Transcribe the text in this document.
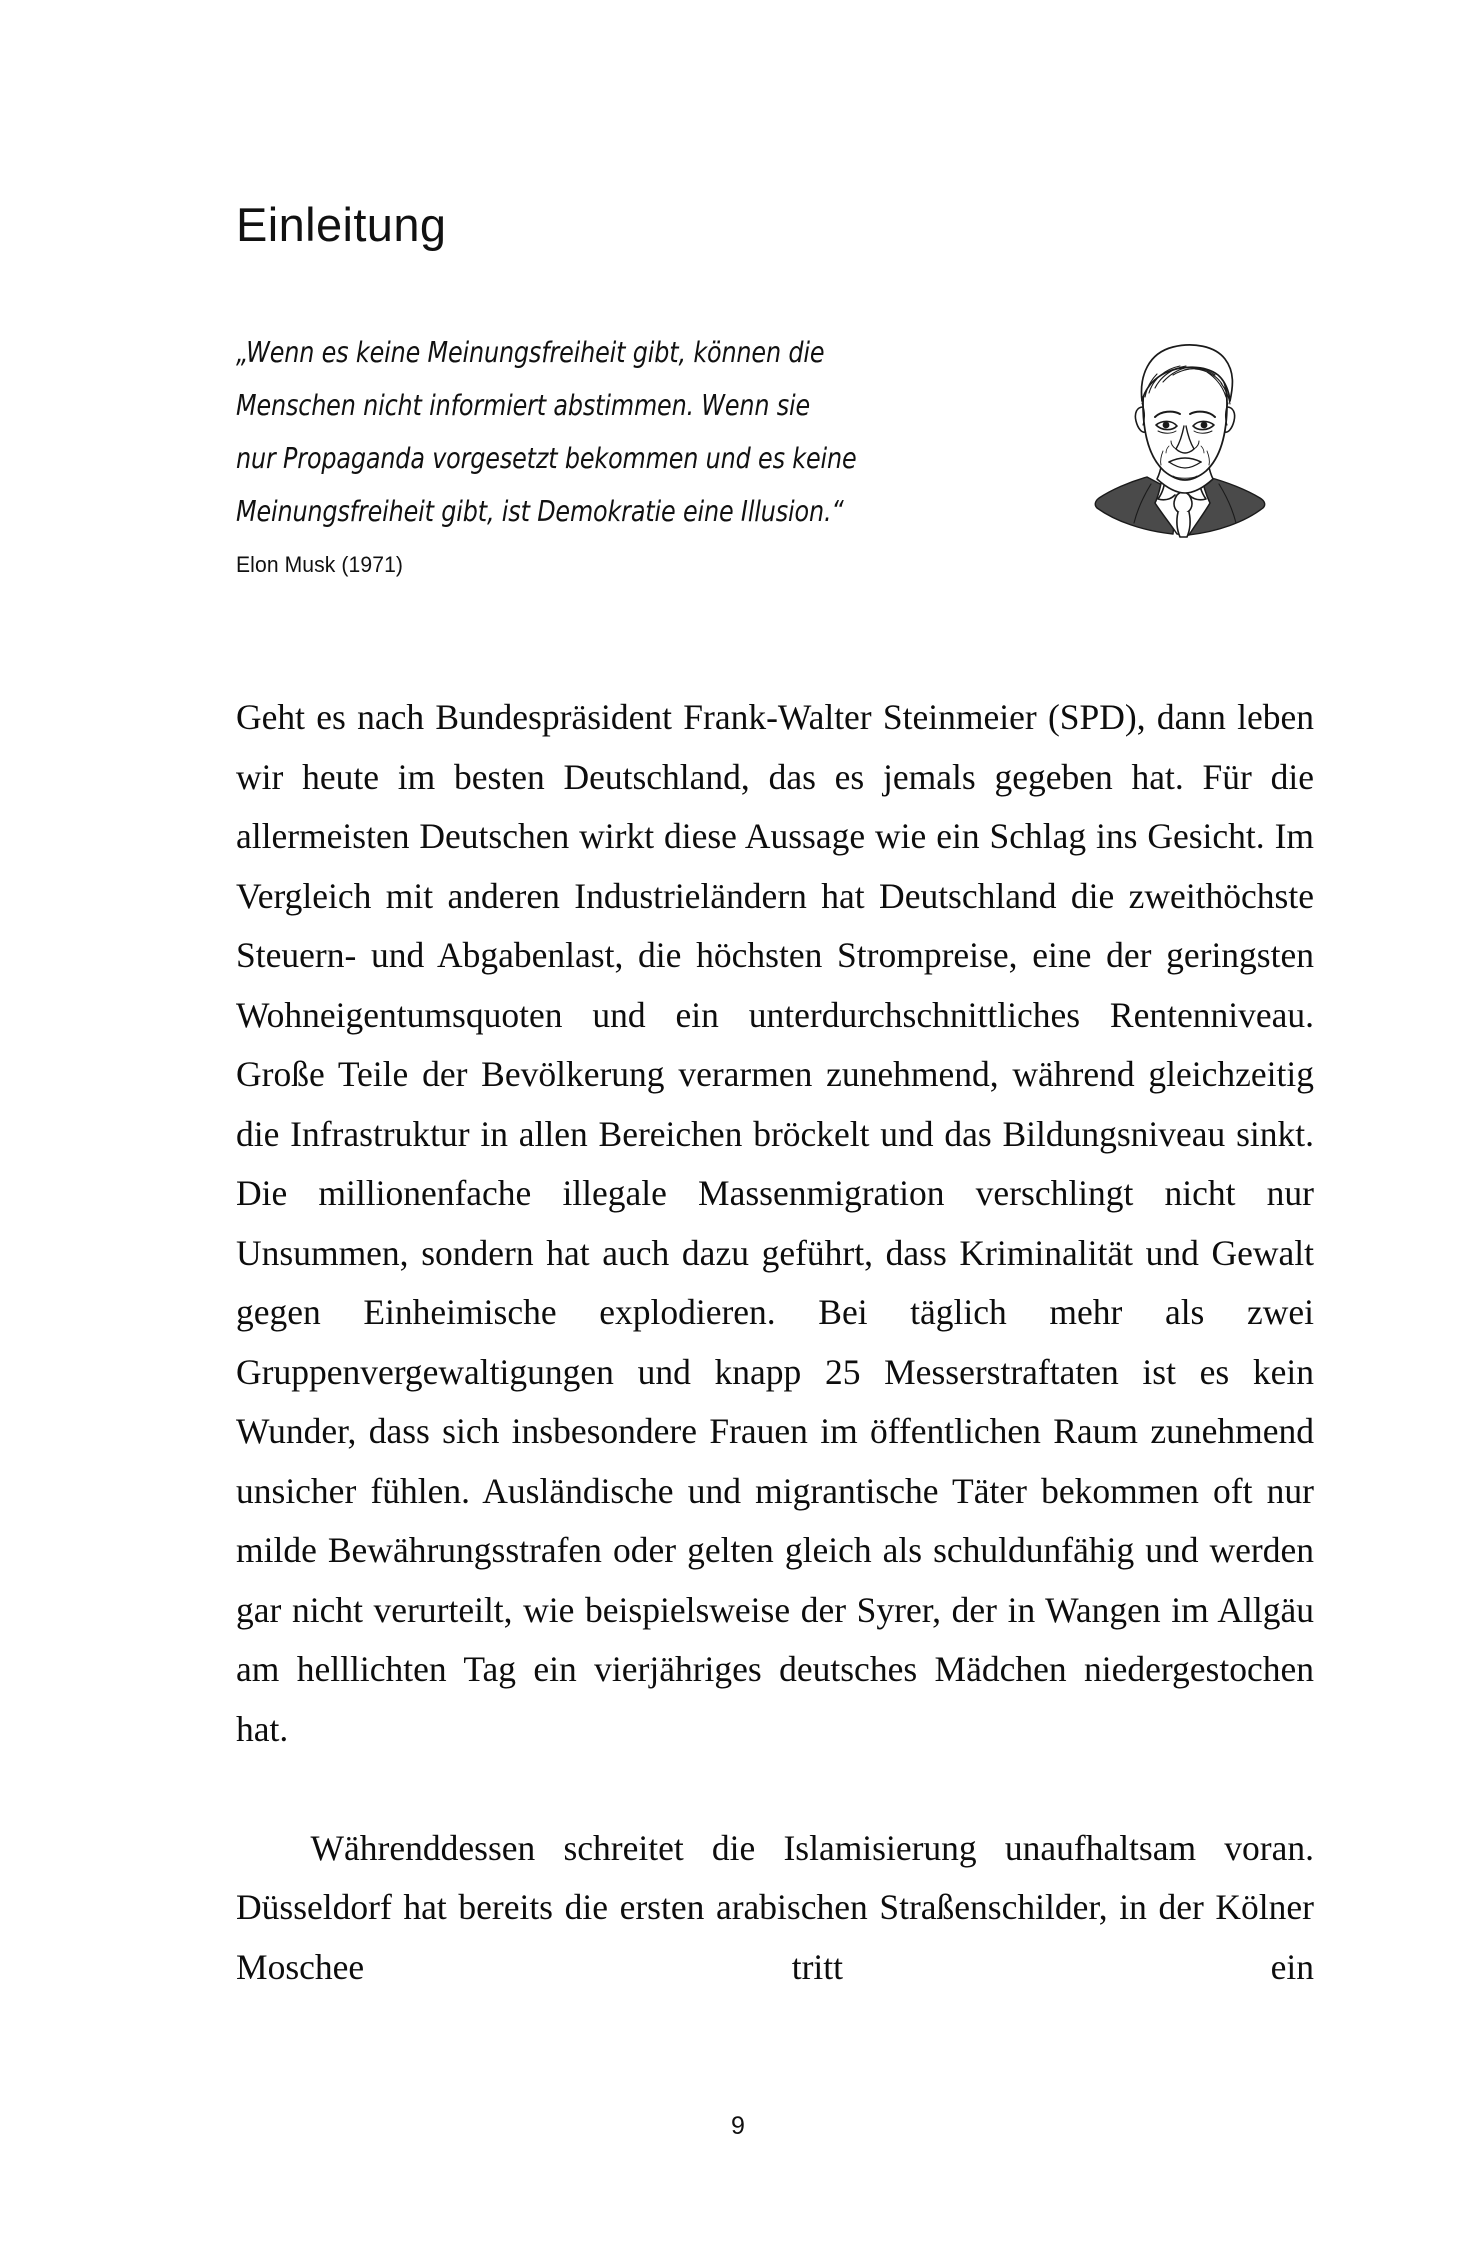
Einleitung
„Wenn es keine Meinungsfreiheit gibt, können die
Menschen nicht informiert abstimmen. Wenn sie
nur Propaganda vorgesetzt bekommen und es keine
Meinungsfreiheit gibt, ist Demokratie eine Illusion.“
Elon Musk (1971)

Geht es nach Bundespräsident Frank-Walter Steinmeier (SPD), dann leben wir heute im besten Deutschland, das es jemals gegeben hat. Für die allermeisten Deutschen wirkt diese Aussage wie ein Schlag ins Gesicht. Im Vergleich mit anderen Industrieländern hat Deutschland die zweithöchste Steuern- und Abgabenlast, die höchsten Strompreise, eine der geringsten Wohneigentumsquoten und ein unterdurchschnittliches Rentenniveau. Große Teile der Bevölkerung verarmen zunehmend, während gleichzeitig die Infrastruktur in allen Bereichen bröckelt und das Bildungsniveau sinkt. Die millionenfache illegale Massenmigration verschlingt nicht nur Unsummen, sondern hat auch dazu geführt, dass Kriminalität und Gewalt gegen Einheimische explodieren. Bei täglich mehr als zwei Gruppenvergewaltigungen und knapp 25 Messerstraftaten ist es kein Wunder, dass sich insbesondere Frauen im öffentlichen Raum zunehmend unsicher fühlen. Ausländische und migrantische Täter bekommen oft nur milde Bewährungsstrafen oder gelten gleich als schuldunfähig und werden gar nicht verurteilt, wie beispielsweise der Syrer, der in Wangen im Allgäu am helllichten Tag ein vierjähriges deutsches Mädchen niedergestochen hat.

Währenddessen schreitet die Islamisierung unaufhaltsam voran. Düsseldorf hat bereits die ersten arabischen Straßenschilder, in der Kölner Moschee tritt ein

9
